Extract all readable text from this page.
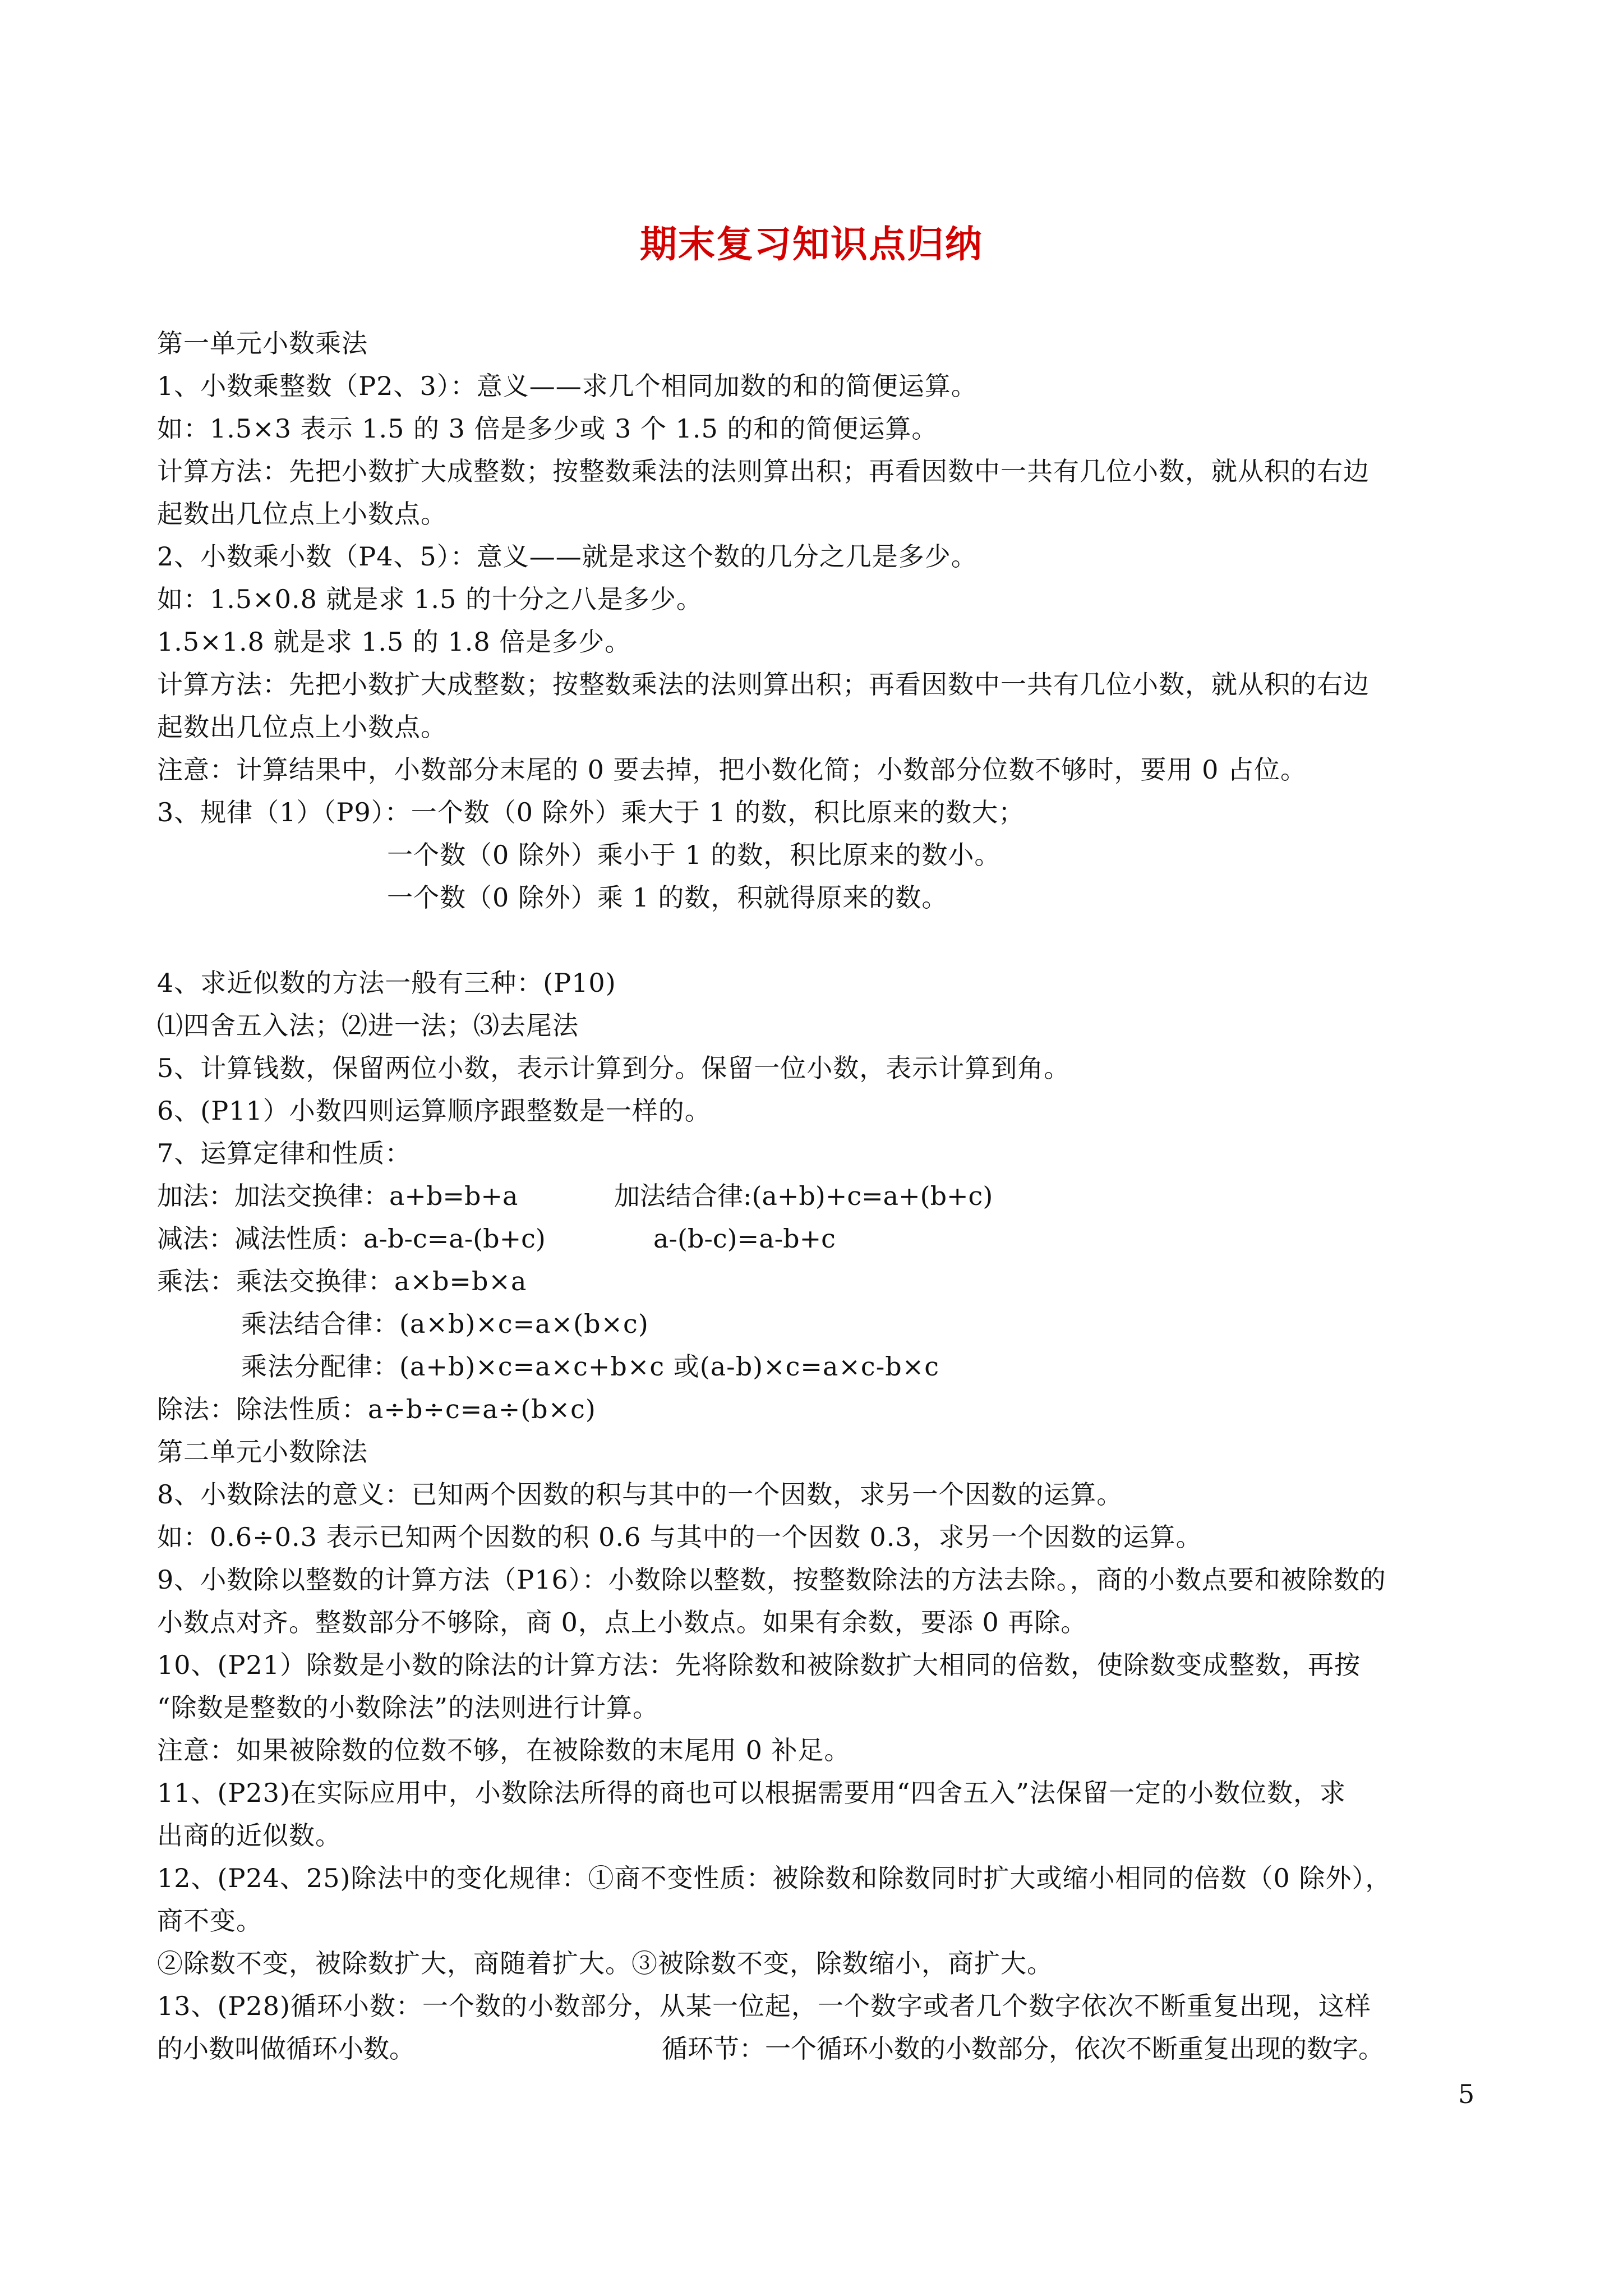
期末复习知识点归纳
第一单元小数乘法
1、小数乘整数（P2、3）：意义——求几个相同加数的和的简便运算。
如：1.5×3 表示 1.5 的 3 倍是多少或 3 个 1.5 的和的简便运算。
计算方法：先把小数扩大成整数；按整数乘法的法则算出积；再看因数中一共有几位小数，就从积的右边
起数出几位点上小数点。
2、小数乘小数（P4、5）：意义——就是求这个数的几分之几是多少。
如：1.5×0.8 就是求 1.5 的十分之八是多少。
1.5×1.8 就是求 1.5 的 1.8 倍是多少。
计算方法：先把小数扩大成整数；按整数乘法的法则算出积；再看因数中一共有几位小数，就从积的右边
起数出几位点上小数点。
注意：计算结果中，小数部分末尾的 0 要去掉，把小数化简；小数部分位数不够时，要用 0 占位。
3、规律（1）（P9）：一个数（0 除外）乘大于 1 的数，积比原来的数大；
一个数（0 除外）乘小于 1 的数，积比原来的数小。
一个数（0 除外）乘 1 的数，积就得原来的数。
4、求近似数的方法一般有三种：(P10)
⑴四舍五入法；⑵进一法；⑶去尾法
5、计算钱数，保留两位小数，表示计算到分。保留一位小数，表示计算到角。
6、(P11）小数四则运算顺序跟整数是一样的。
7、运算定律和性质：
加法：加法交换律：a+b=b+a	加法结合律:(a+b)+c=a+(b+c)
减法：减法性质：a-b-c=a-(b+c)	a-(b-c)=a-b+c
乘法：乘法交换律：a×b=b×a
乘法结合律：(a×b)×c=a×(b×c)
乘法分配律：(a+b)×c=a×c+b×c 或(a-b)×c=a×c-b×c
除法：除法性质：a÷b÷c=a÷(b×c)
第二单元小数除法
8、小数除法的意义：已知两个因数的积与其中的一个因数，求另一个因数的运算。
如：0.6÷0.3 表示已知两个因数的积 0.6 与其中的一个因数 0.3，求另一个因数的运算。
9、小数除以整数的计算方法（P16）：小数除以整数，按整数除法的方法去除。，商的小数点要和被除数的
小数点对齐。整数部分不够除，商 0，点上小数点。如果有余数，要添 0 再除。
10、(P21）除数是小数的除法的计算方法：先将除数和被除数扩大相同的倍数，使除数变成整数，再按
“除数是整数的小数除法”的法则进行计算。
注意：如果被除数的位数不够，在被除数的末尾用 0 补足。
11、(P23)在实际应用中，小数除法所得的商也可以根据需要用“四舍五入”法保留一定的小数位数，求
出商的近似数。
12、(P24、25)除法中的变化规律：①商不变性质：被除数和除数同时扩大或缩小相同的倍数（0 除外），
商不变。
②除数不变，被除数扩大，商随着扩大。③被除数不变，除数缩小，商扩大。
13、(P28)循环小数：一个数的小数部分，从某一位起，一个数字或者几个数字依次不断重复出现，这样
的小数叫做循环小数。	循环节：一个循环小数的小数部分，依次不断重复出现的数字。
5
